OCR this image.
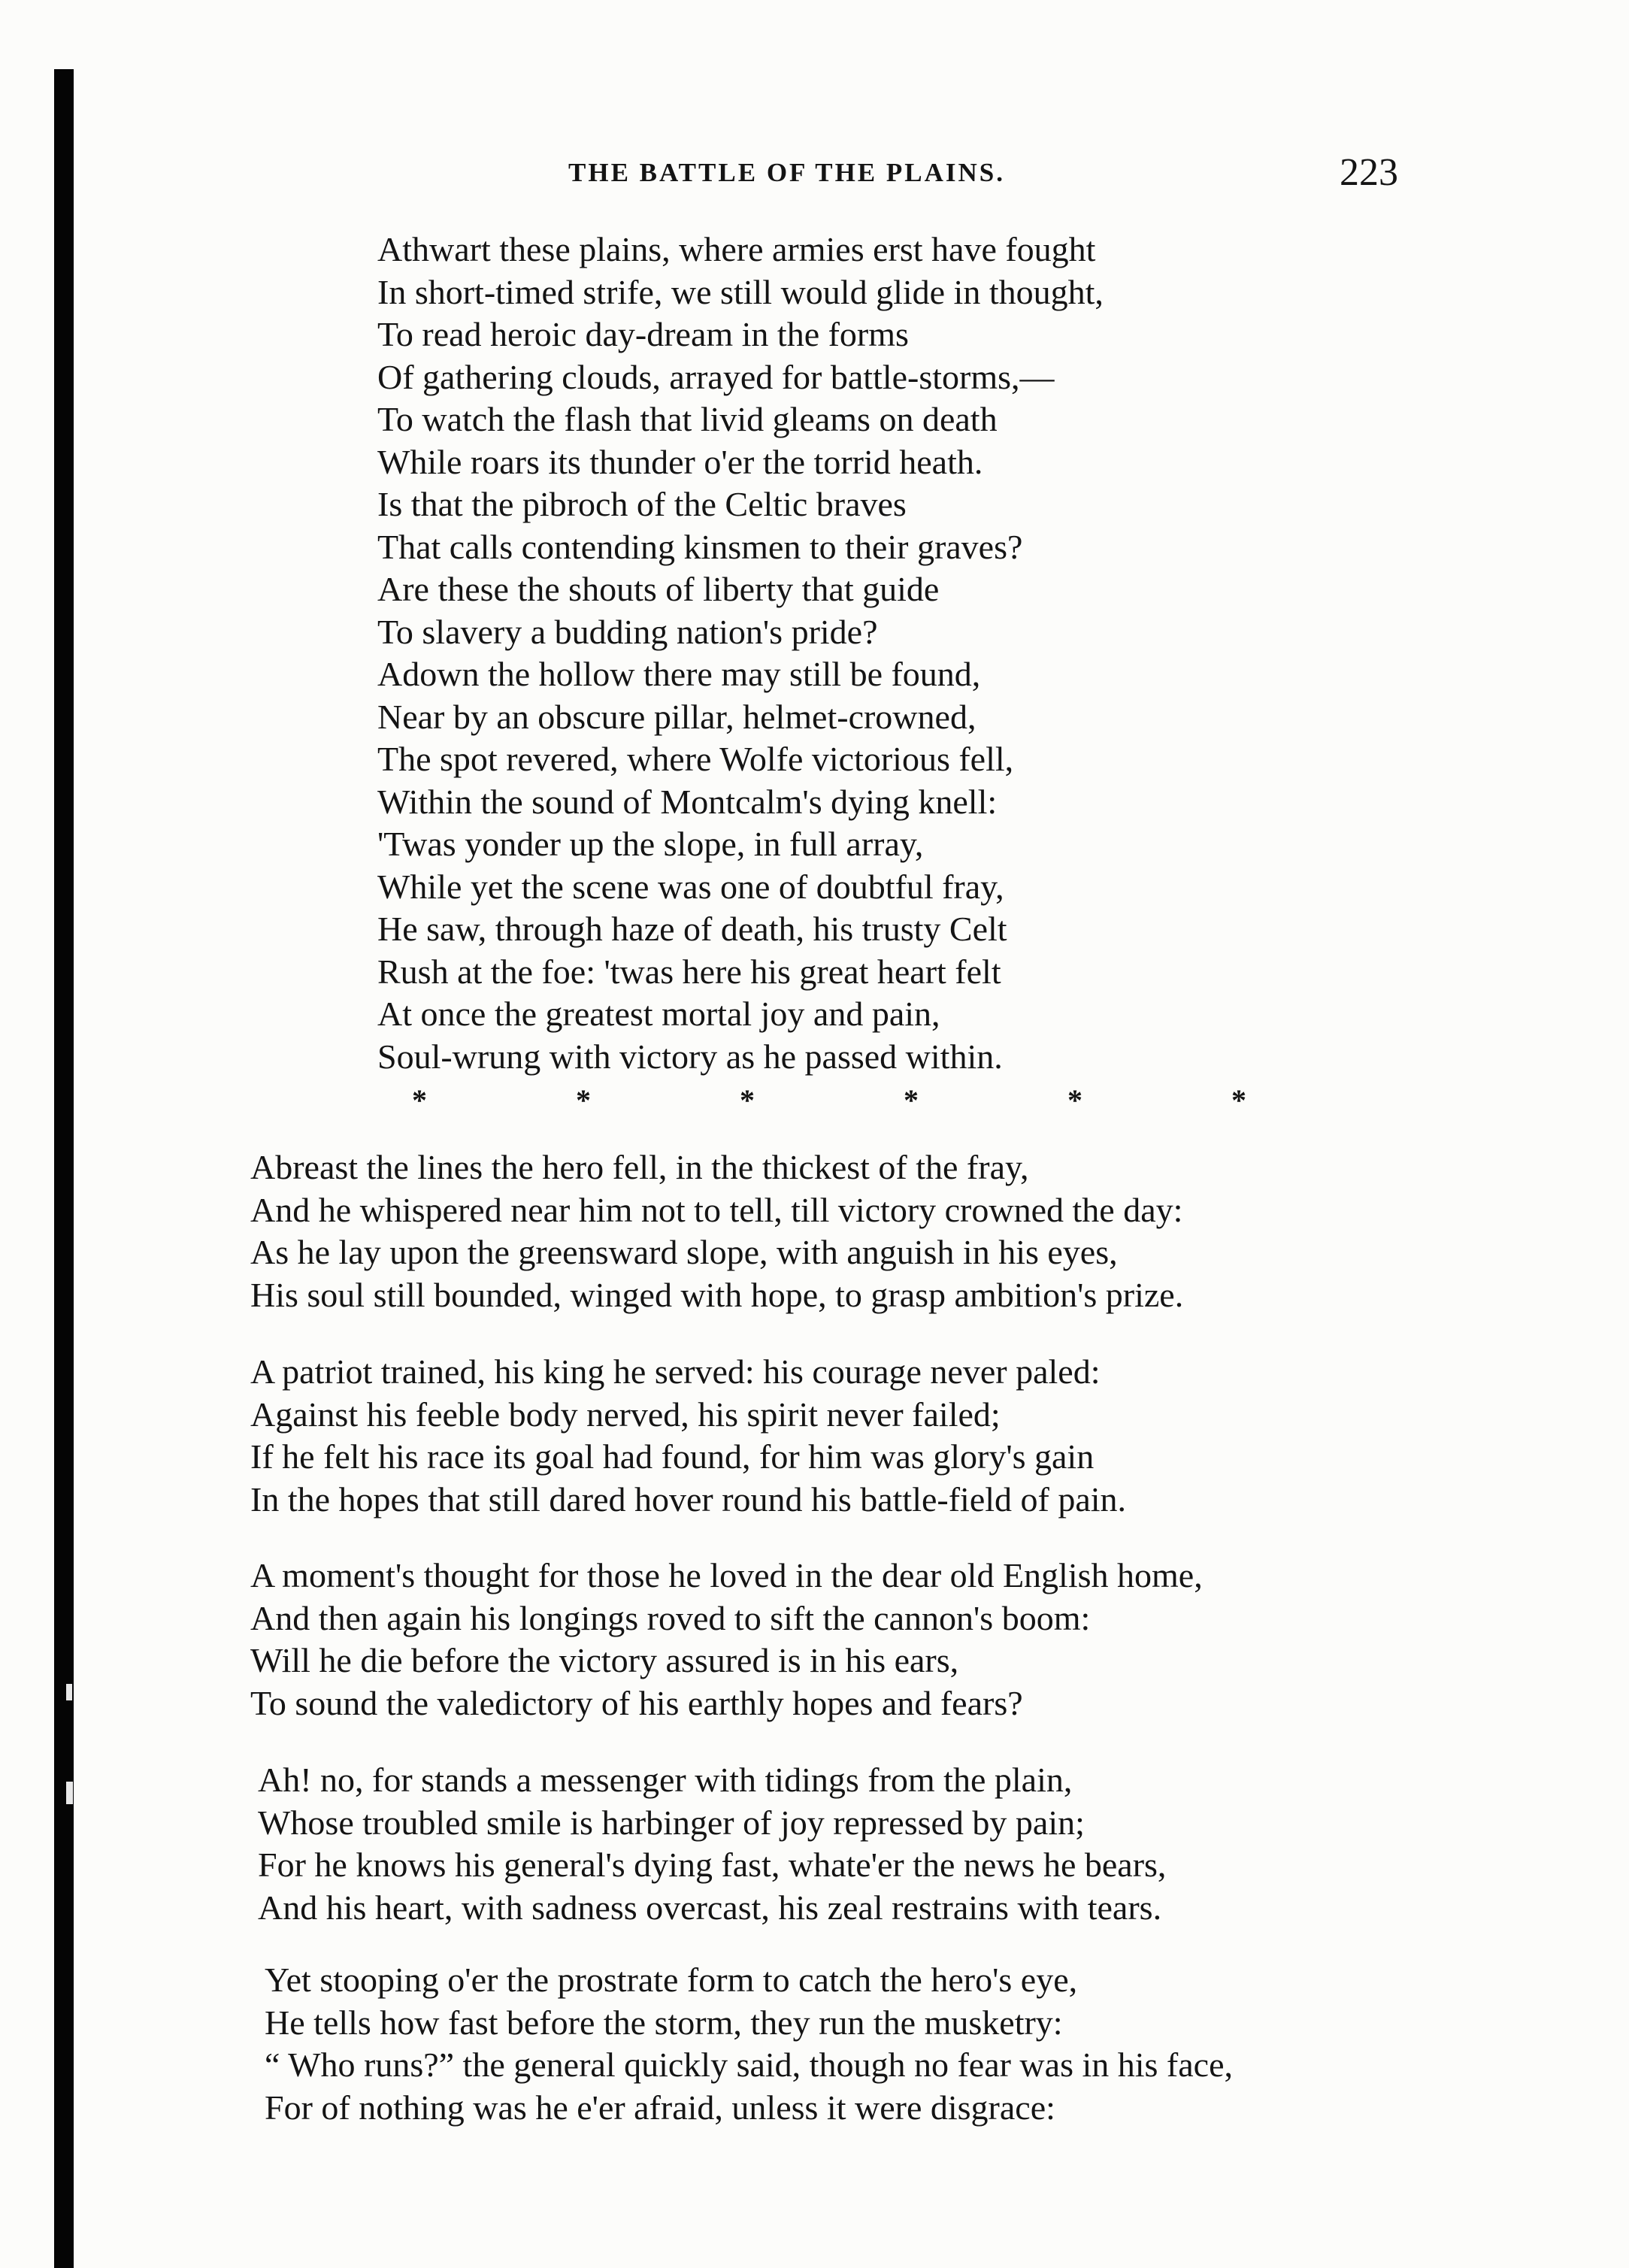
THE BATTLE OF THE PLAINS.	223
Athwart these plains, where armies erst have fought
In short-timed strife, we still would glide in thought,
To read heroic day-dream in the forms
Of gathering clouds, arrayed for battle-storms,—
To watch the flash that livid gleams on death
While roars its thunder o'er the torrid heath.
Is that the pibroch of the Celtic braves
That calls contending kinsmen to their graves?
Are these the shouts of liberty that guide
To slavery a budding nation's pride?
Adown the hollow there may still be found,
Near by an obscure pillar, helmet-crowned,
The spot revered, where Wolfe victorious fell,
Within the sound of Montcalm's dying knell:
'Twas yonder up the slope, in full array,
While yet the scene was one of doubtful fray,
He saw, through haze of death, his trusty Celt
Rush at the foe: 'twas here his great heart felt
At once the greatest mortal joy and pain,
Soul-wrung with victory as he passed within.
*	*	*	*	*	*
Abreast the lines the hero fell, in the thickest of the fray,
And he whispered near him not to tell, till victory crowned the day:
As he lay upon the greensward slope, with anguish in his eyes,
His soul still bounded, winged with hope, to grasp ambition's prize.
A patriot trained, his king he served: his courage never paled:
Against his feeble body nerved, his spirit never failed;
If he felt his race its goal had found, for him was glory's gain
In the hopes that still dared hover round his battle-field of pain.
A moment's thought for those he loved in the dear old English home,
And then again his longings roved to sift the cannon's boom:
Will he die before the victory assured is in his ears,
To sound the valedictory of his earthly hopes and fears?
Ah! no, for stands a messenger with tidings from the plain,
Whose troubled smile is harbinger of joy repressed by pain;
For he knows his general's dying fast, whate'er the news he bears,
And his heart, with sadness overcast, his zeal restrains with tears.
Yet stooping o'er the prostrate form to catch the hero's eye,
He tells how fast before the storm, they run the musketry:
“ Who runs?” the general quickly said, though no fear was in his face,
For of nothing was he e'er afraid, unless it were disgrace:
